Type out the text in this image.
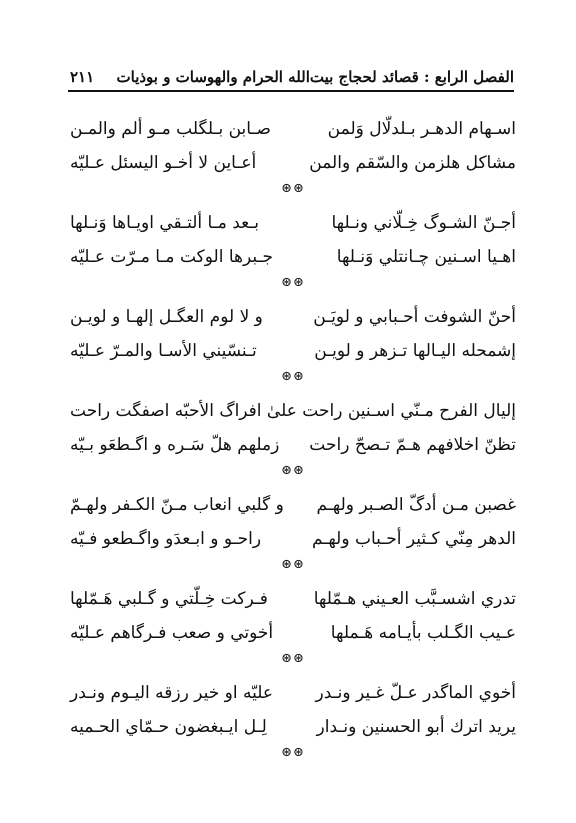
الفصل الرابع : قصائد لحجاج بيت‌الله الحرام والهوسات و بوذيات
٢١١
اسـهام الدهـر بـلدلّال وَلمن
صـابن بـلگلب مـو ألم والمـن
مشاكل هلزمن والسّقم والمن
أعـاين لا أخـو اليسئل عـليّه
⊛⊛
أجـنّ الشـوگ خِـلّاني ونـلها
بـعد مـا ألتـقي اويـاها وَنـلها
اهـيا اسـنين چـانتلي وَنـلها
جـبرها الوكت مـا مـرّت عـليّه
⊛⊛
أحنّ الشوفت أحـبابي و لويَـن
و لا لوم العگـل إلهـا و لويـن
إشمحله اليـالها تـزهر و لويـن
تـنسّيني الأسـا والمـرّ عـليّه
⊛⊛
إليال الفرح مـنّي اسـنين راحت
علىٰ افراگ الأحبّه اصفگت راحت
تظنّ اخلافهم هـمّ تـصحّ راحت
زملهم هلّ سَـره و اگـطعَو بـيّه
⊛⊛
غصبن مـن أدگّ الصـبر ولهـم
و گلبي انعاب مـنّ الكـفر ولهـمّ
الدهر مِنّي كـثير أحـباب ولهـم
راحـو و ابـعدَو واگـطعو فـيّه
⊛⊛
تدري اشسـبَّب العـيني هـمّلها
فـركت خِـلّتي و گـلبي هَـمّلها
عـيب الگـلب بأيـامه هَـملها
أخوتي و صعب فـرگاهم عـليّه
⊛⊛
أخوي الماگدر عـلّ غـير ونـدر
عليّه او خير رزقه اليـوم ونـدر
يريد اترك أبو الحسنين ونـدار
لِـل ايـبغضون حـمّاي الحـميه
⊛⊛
